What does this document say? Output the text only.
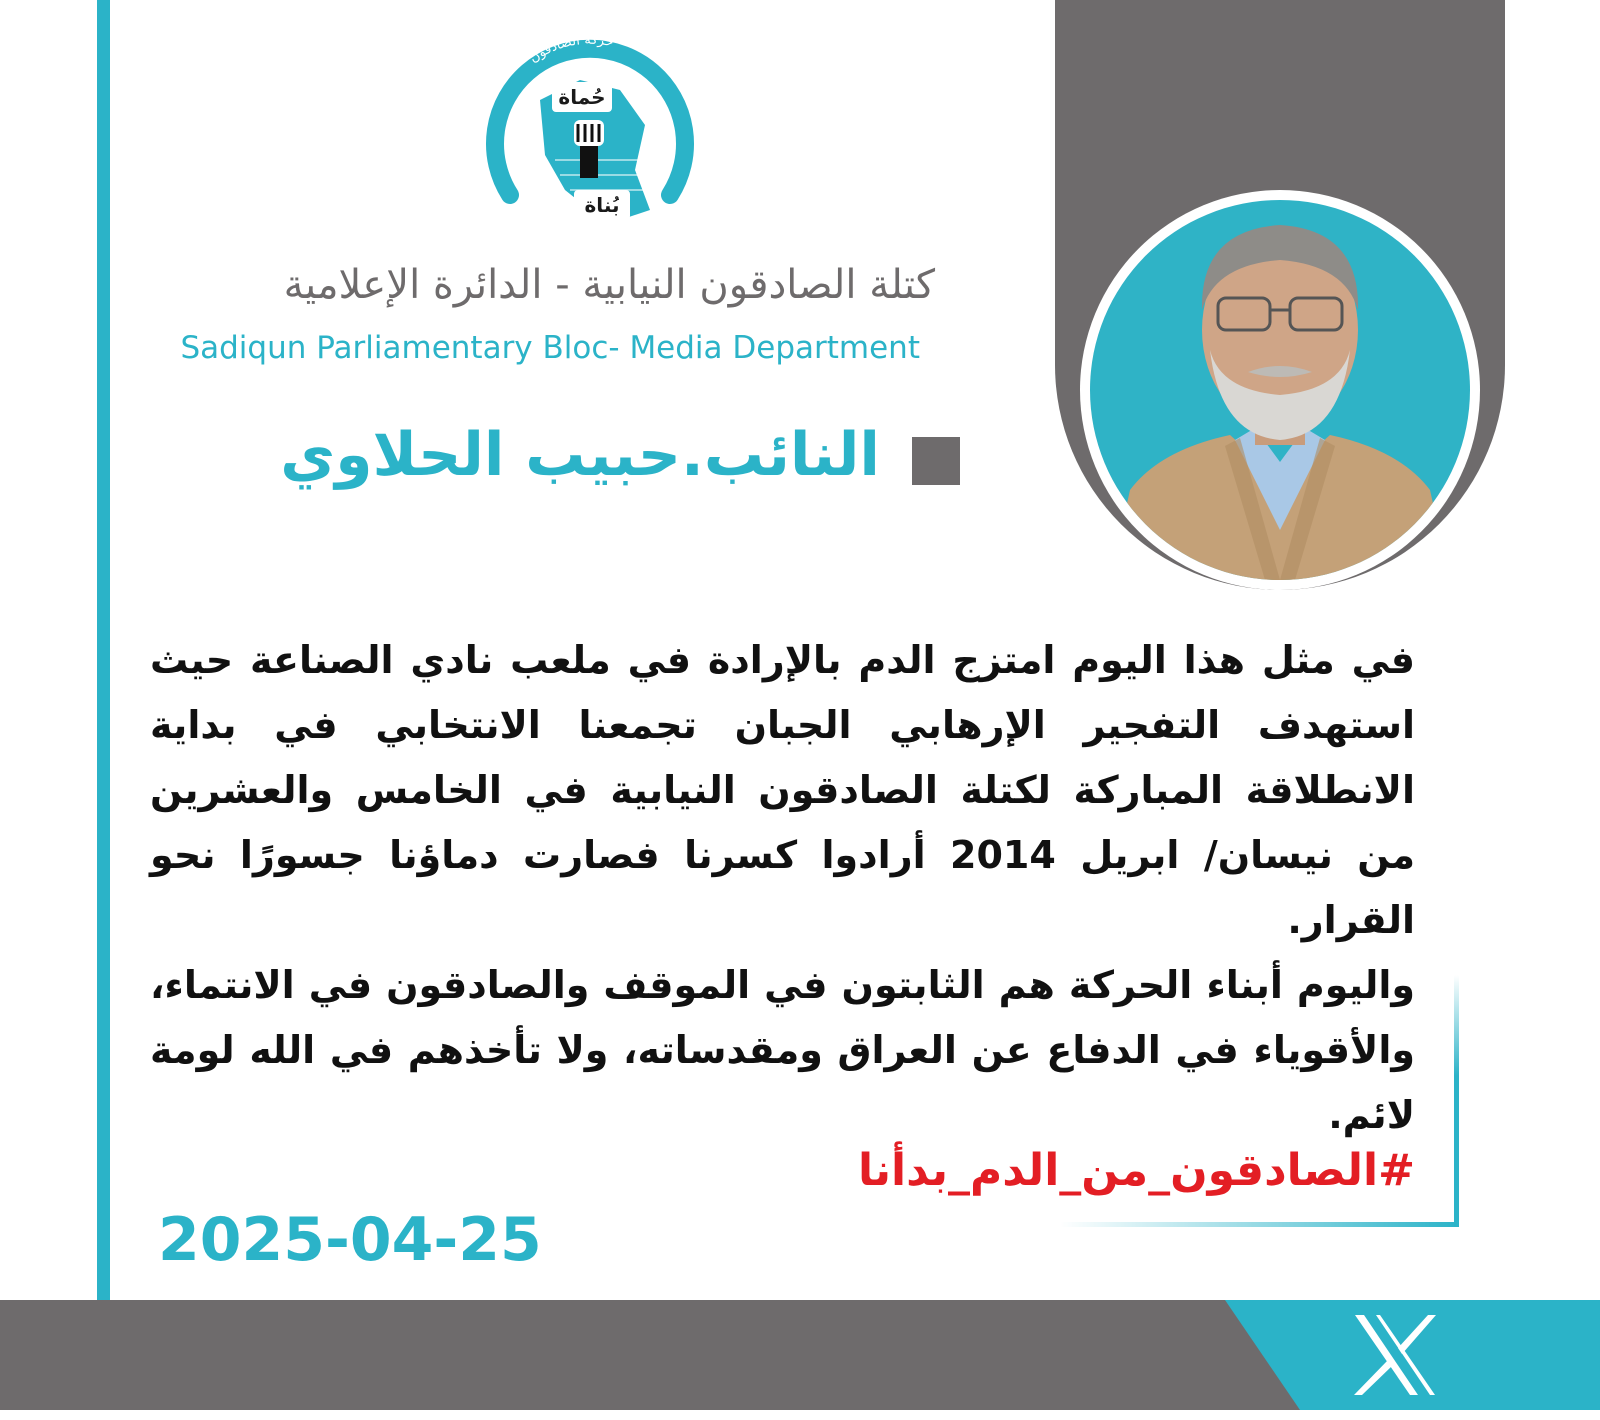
حركة الصادقون
حُماة
بُناة
كتلة الصادقون النيابية - الدائرة الإعلامية
Sadiqun Parliamentary Bloc- Media Department
النائب.حبيب الحلاوي

في مثل هذا اليوم امتزج الدم بالإرادة في ملعب نادي الصناعة حيث استهدف التفجير الإرهابي الجبان تجمعنا الانتخابي في بداية الانطلاقة المباركة لكتلة الصادقون النيابية في الخامس والعشرين من نيسان/ ابريل 2014 أرادوا كسرنا فصارت دماؤنا جسورًا نحو القرار.

واليوم أبناء الحركة هم الثابتون في الموقف والصادقون في الانتماء، والأقوياء في الدفاع عن العراق ومقدساته، ولا تأخذهم في الله لومة لائم.

#الصادقون_من_الدم_بدأنا
2025-04-25
